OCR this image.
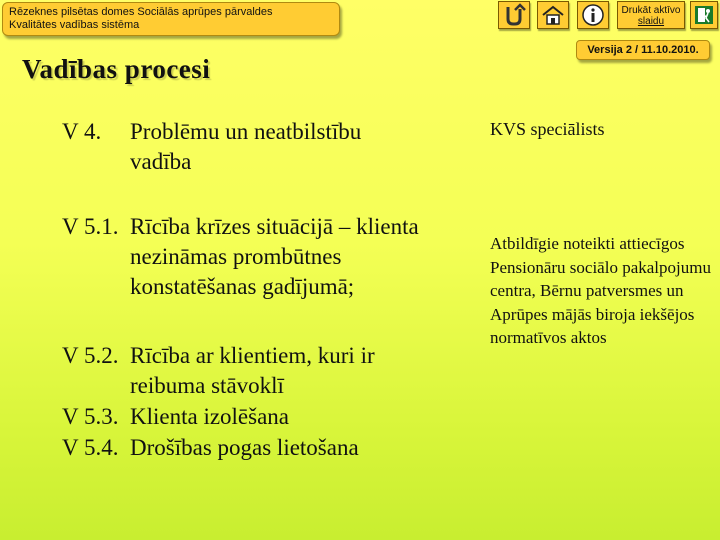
Rēzeknes pilsētas domes Sociālās aprūpes pārvaldes
Kvalitātes vadības sistēma
Drukāt aktīvo
slaidu
Versija 2 / 11.10.2010.
Vadības procesi
V 4. Problēmu un neatbilstību vadība
V 5.1. Rīcība krīzes situācijā – klienta nezināmas prombūtnes konstatēšanas gadījumā;
V 5.2. Rīcība ar klientiem, kuri ir reibuma stāvoklī
V 5.3. Klienta izolēšana
V 5.4. Drošības pogas lietošana
KVS speciālists
Atbildīgie noteikti attiecīgos Pensionāru sociālo pakalpojumu centra, Bērnu patversmes un Aprūpes mājās biroja iekšējos normatīvos aktos
